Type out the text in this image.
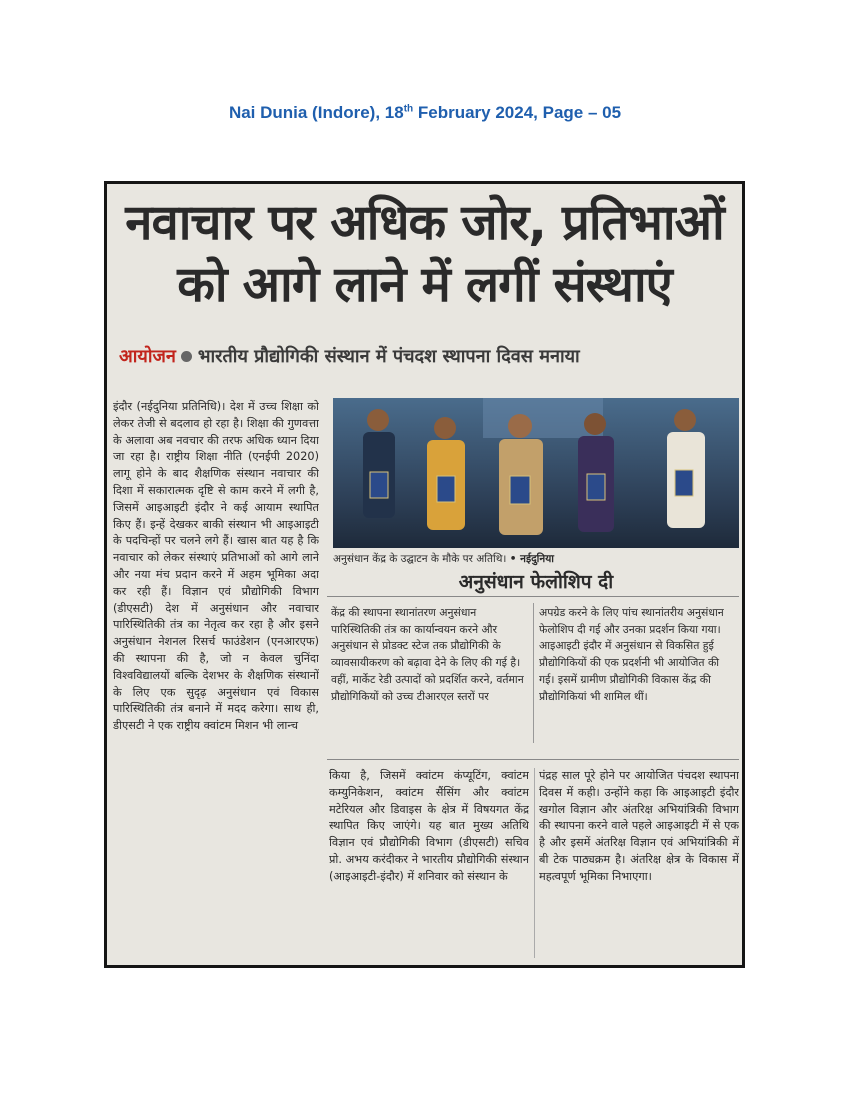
Nai Dunia (Indore), 18th February 2024, Page – 05
नवाचार पर अधिक जोर, प्रतिभाओं
को आगे लाने में लगीं संस्थाएं
आयोजन भारतीय प्रौद्योगिकी संस्थान में पंचदश स्थापना दिवस मनाया
इंदौर (नईदुनिया प्रतिनिधि)। देश में उच्च शिक्षा को लेकर तेजी से बदलाव हो रहा है। शिक्षा की गुणवत्ता के अलावा अब नवचार की तरफ अधिक ध्यान दिया जा रहा है। राष्ट्रीय शिक्षा नीति (एनईपी 2020) लागू होने के बाद शैक्षणिक संस्थान नवाचार की दिशा में सकारात्मक दृष्टि से काम करने में लगी है, जिसमें आइआइटी इंदौर ने कई आयाम स्थापित किए हैं। इन्हें देखकर बाकी संस्थान भी आइआइटी के पदचिन्हों पर चलने लगे हैं। खास बात यह है कि नवाचार को लेकर संस्थाएं प्रतिभाओं को आगे लाने और नया मंच प्रदान करने में अहम भूमिका अदा कर रही हैं। विज्ञान एवं प्रौद्योगिकी विभाग (डीएसटी) देश में अनुसंधान और नवाचार पारिस्थितिकी तंत्र का नेतृत्व कर रहा है और इसने अनुसंधान नेशनल रिसर्च फाउंडेशन (एनआरएफ) की स्थापना की है, जो न केवल चुनिंदा विश्वविद्यालयों बल्कि देशभर के शैक्षणिक संस्थानों के लिए एक सुदृढ़ अनुसंधान एवं विकास पारिस्थितिकी तंत्र बनाने में मदद करेगा। साथ ही, डीएसटी ने एक राष्ट्रीय क्वांटम मिशन भी लान्च
अनुसंधान केंद्र के उद्घाटन के मौके पर अतिथि। • नईदुनिया
अनुसंधान फेलोशिप दी
केंद्र की स्थापना स्थानांतरण अनुसंधान पारिस्थितिकी तंत्र का कार्यान्वयन करने और अनुसंधान से प्रोडक्ट स्टेज तक प्रौद्योगिकी के व्यावसायीकरण को बढ़ावा देने के लिए की गई है। वहीं, मार्केट रेडी उत्पादों को प्रदर्शित करने, वर्तमान प्रौद्योगिकियों को उच्च टीआरएल स्तरों पर
अपग्रेड करने के लिए पांच स्थानांतरीय अनुसंधान फेलोशिप दी गई और उनका प्रदर्शन किया गया। आइआइटी इंदौर में अनुसंधान से विकसित हुई प्रौद्योगिकियों की एक प्रदर्शनी भी आयोजित की गई। इसमें ग्रामीण प्रौद्योगिकी विकास केंद्र की प्रौद्योगिकियां भी शामिल थीं।
किया है, जिसमें क्वांटम कंप्यूटिंग, क्वांटम कम्युनिकेशन, क्वांटम सैंसिंग और क्वांटम मटेरियल और डिवाइस के क्षेत्र में विषयगत केंद्र स्थापित किए जाएंगे। यह बात मुख्य अतिथि विज्ञान एवं प्रौद्योगिकी विभाग (डीएसटी) सचिव प्रो. अभय करंदीकर ने भारतीय प्रौद्योगिकी संस्थान (आइआइटी-इंदौर) में शनिवार को संस्थान के
पंद्रह साल पूरे होने पर आयोजित पंचदश स्थापना दिवस में कही। उन्होंने कहा कि आइआइटी इंदौर खगोल विज्ञान और अंतरिक्ष अभियांत्रिकी विभाग की स्थापना करने वाले पहले आइआइटी में से एक है और इसमें अंतरिक्ष विज्ञान एवं अभियांत्रिकी में बी टेक पाठ्यक्रम है। अंतरिक्ष क्षेत्र के विकास में महत्वपूर्ण भूमिका निभाएगा।
